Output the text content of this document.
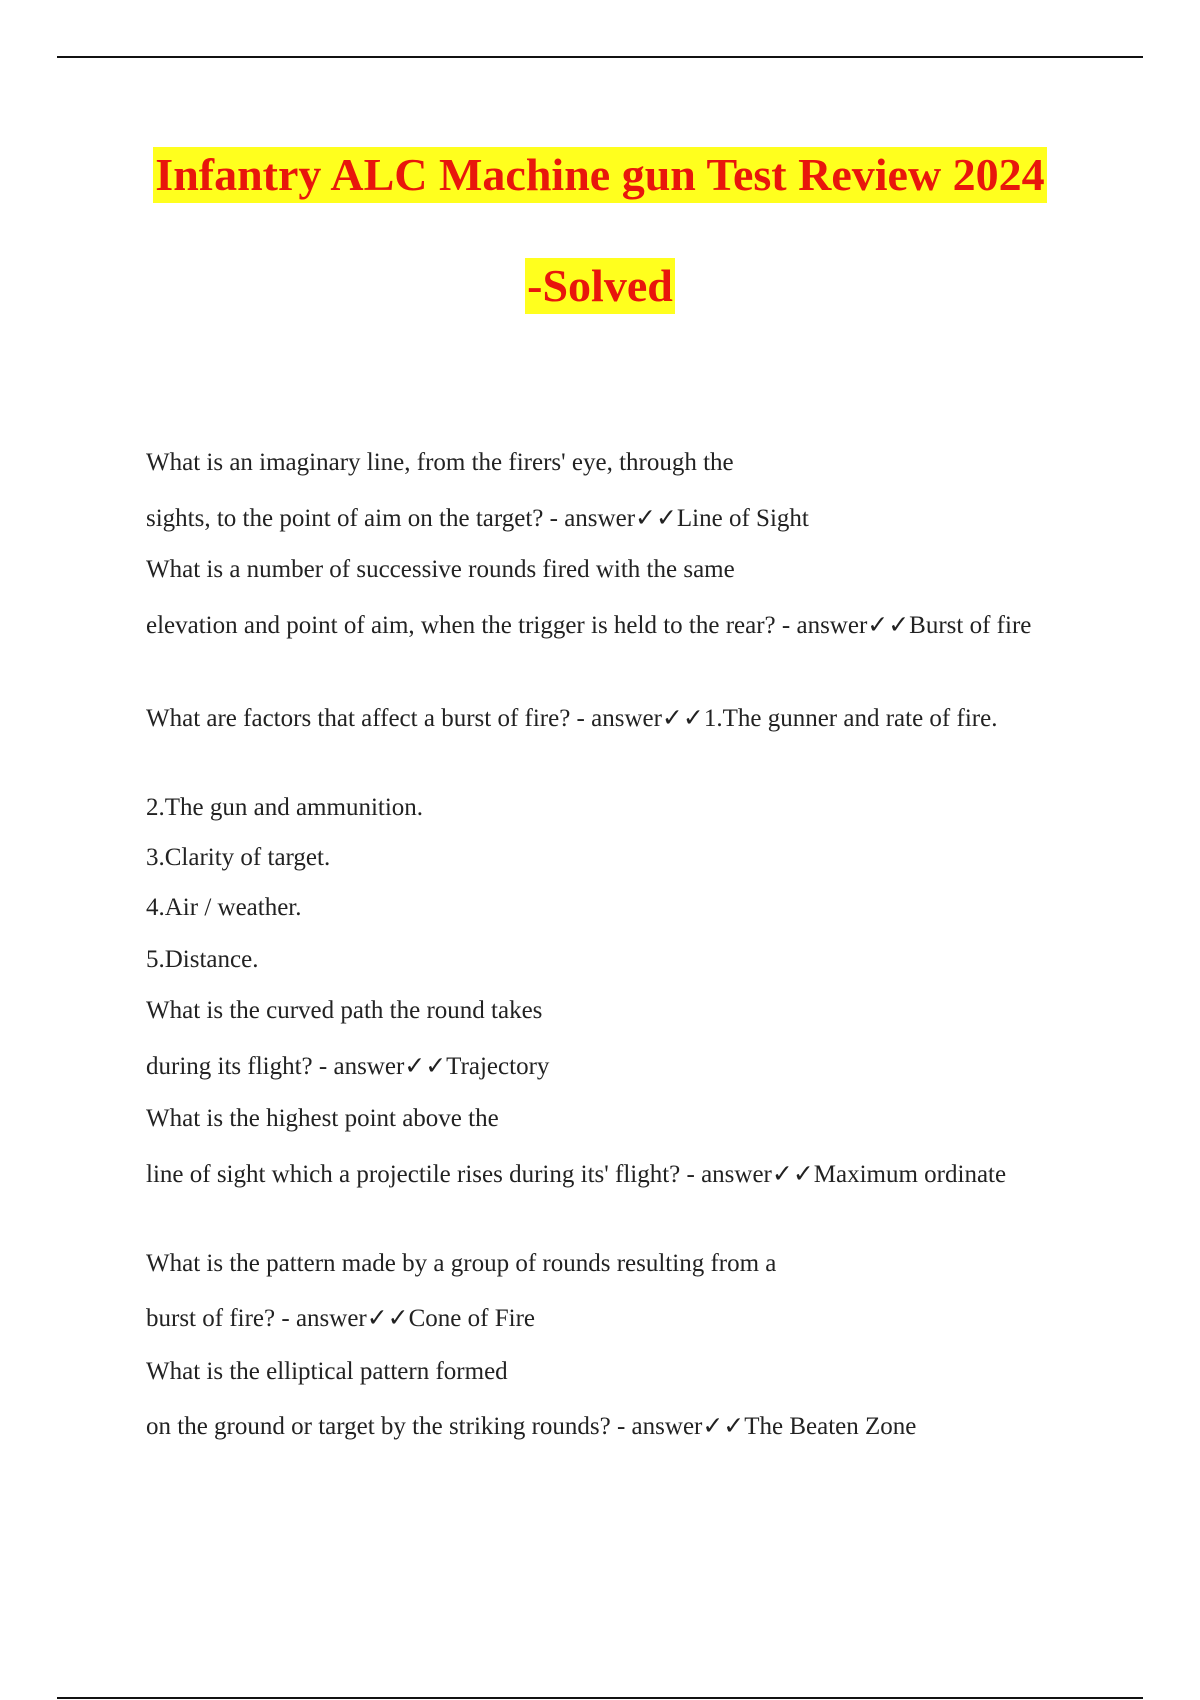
Infantry ALC Machine gun Test Review 2024
-Solved
What is an imaginary line, from the firers' eye, through the
sights, to the point of aim on the target? - answer✓✓Line of Sight
What is a number of successive rounds fired with the same
elevation and point of aim, when the trigger is held to the rear? - answer✓✓Burst of fire
What are factors that affect a burst of fire? - answer✓✓1.The gunner and rate of fire.
2.The gun and ammunition.
3.Clarity of target.
4.Air / weather.
5.Distance.
What is the curved path the round takes
during its flight? - answer✓✓Trajectory
What is the highest point above the
line of sight which a projectile rises during its' flight? - answer✓✓Maximum ordinate
What is the pattern made by a group of rounds resulting from a
burst of fire? - answer✓✓Cone of Fire
What is the elliptical pattern formed
on the ground or target by the striking rounds? - answer✓✓The Beaten Zone
